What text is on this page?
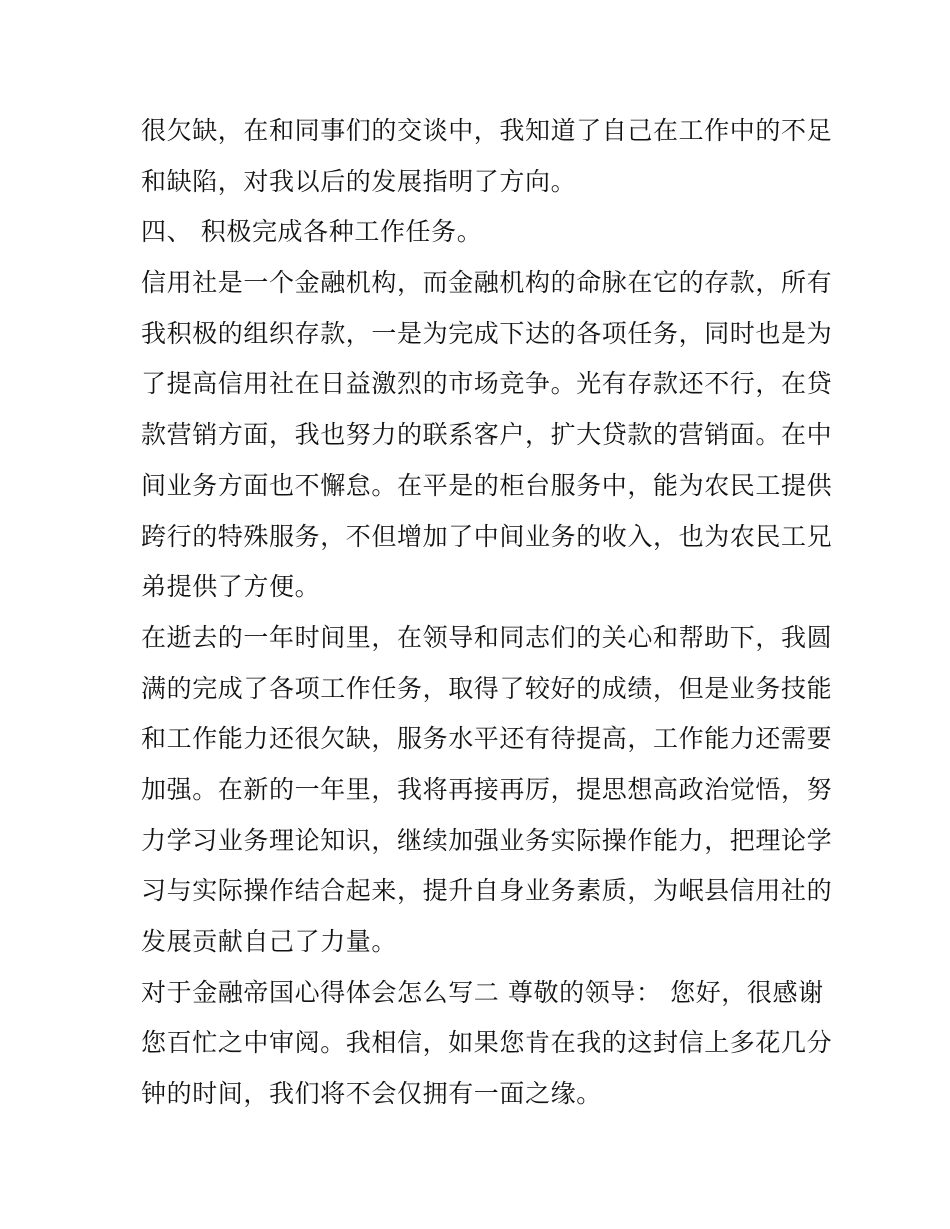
很欠缺，在和同事们的交谈中，我知道了自己在工作中的不足
和缺陷，对我以后的发展指明了方向。
四、 积极完成各种工作任务。
信用社是一个金融机构，而金融机构的命脉在它的存款，所有
我积极的组织存款，一是为完成下达的各项任务，同时也是为
了提高信用社在日益激烈的市场竞争。光有存款还不行，在贷
款营销方面，我也努力的联系客户，扩大贷款的营销面。在中
间业务方面也不懈怠。在平是的柜台服务中，能为农民工提供
跨行的特殊服务，不但增加了中间业务的收入，也为农民工兄
弟提供了方便。
在逝去的一年时间里，在领导和同志们的关心和帮助下，我圆
满的完成了各项工作任务，取得了较好的成绩，但是业务技能
和工作能力还很欠缺，服务水平还有待提高，工作能力还需要
加强。在新的一年里，我将再接再厉，提思想高政治觉悟，努
力学习业务理论知识，继续加强业务实际操作能力，把理论学
习与实际操作结合起来，提升自身业务素质，为岷县信用社的
发展贡献自己了力量。
对于金融帝国心得体会怎么写二 尊敬的领导： 您好，很感谢
您百忙之中审阅。我相信，如果您肯在我的这封信上多花几分
钟的时间，我们将不会仅拥有一面之缘。
